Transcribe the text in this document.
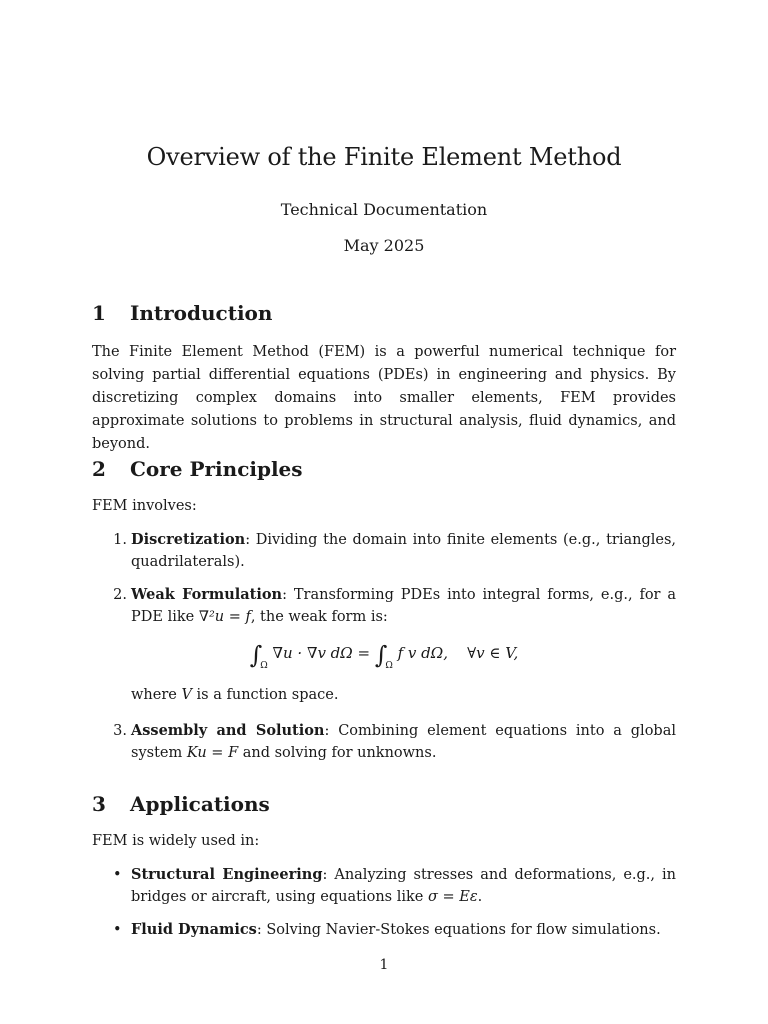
Overview of the Finite Element Method
Technical Documentation
May 2025
1 Introduction

The Finite Element Method (FEM) is a powerful numerical technique for solving partial differential equations (PDEs) in engineering and physics. By discretizing complex domains into smaller elements, FEM provides approximate solutions to problems in structural analysis, fluid dynamics, and beyond.

2 Core Principles

FEM involves:

1. Discretization: Dividing the domain into finite elements (e.g., triangles, quadrilaterals).
2. Weak Formulation: Transforming PDEs into integral forms, e.g., for a PDE like ∇²u = f, the weak form is:
$\int_\Omega$ ∇u · ∇v $d\Omega = \int_\Omega$ f v dΩ, ∀v ∈ V,
where V is a function space.
3. Assembly and Solution: Combining element equations into a global system Ku = F and solving for unknowns.
3 Applications

FEM is widely used in:

• Structural Engineering: Analyzing stresses and deformations, e.g., in bridges or aircraft, using equations like σ = Eε.
• Fluid Dynamics: Solving Navier-Stokes equations for flow simulations.
1
